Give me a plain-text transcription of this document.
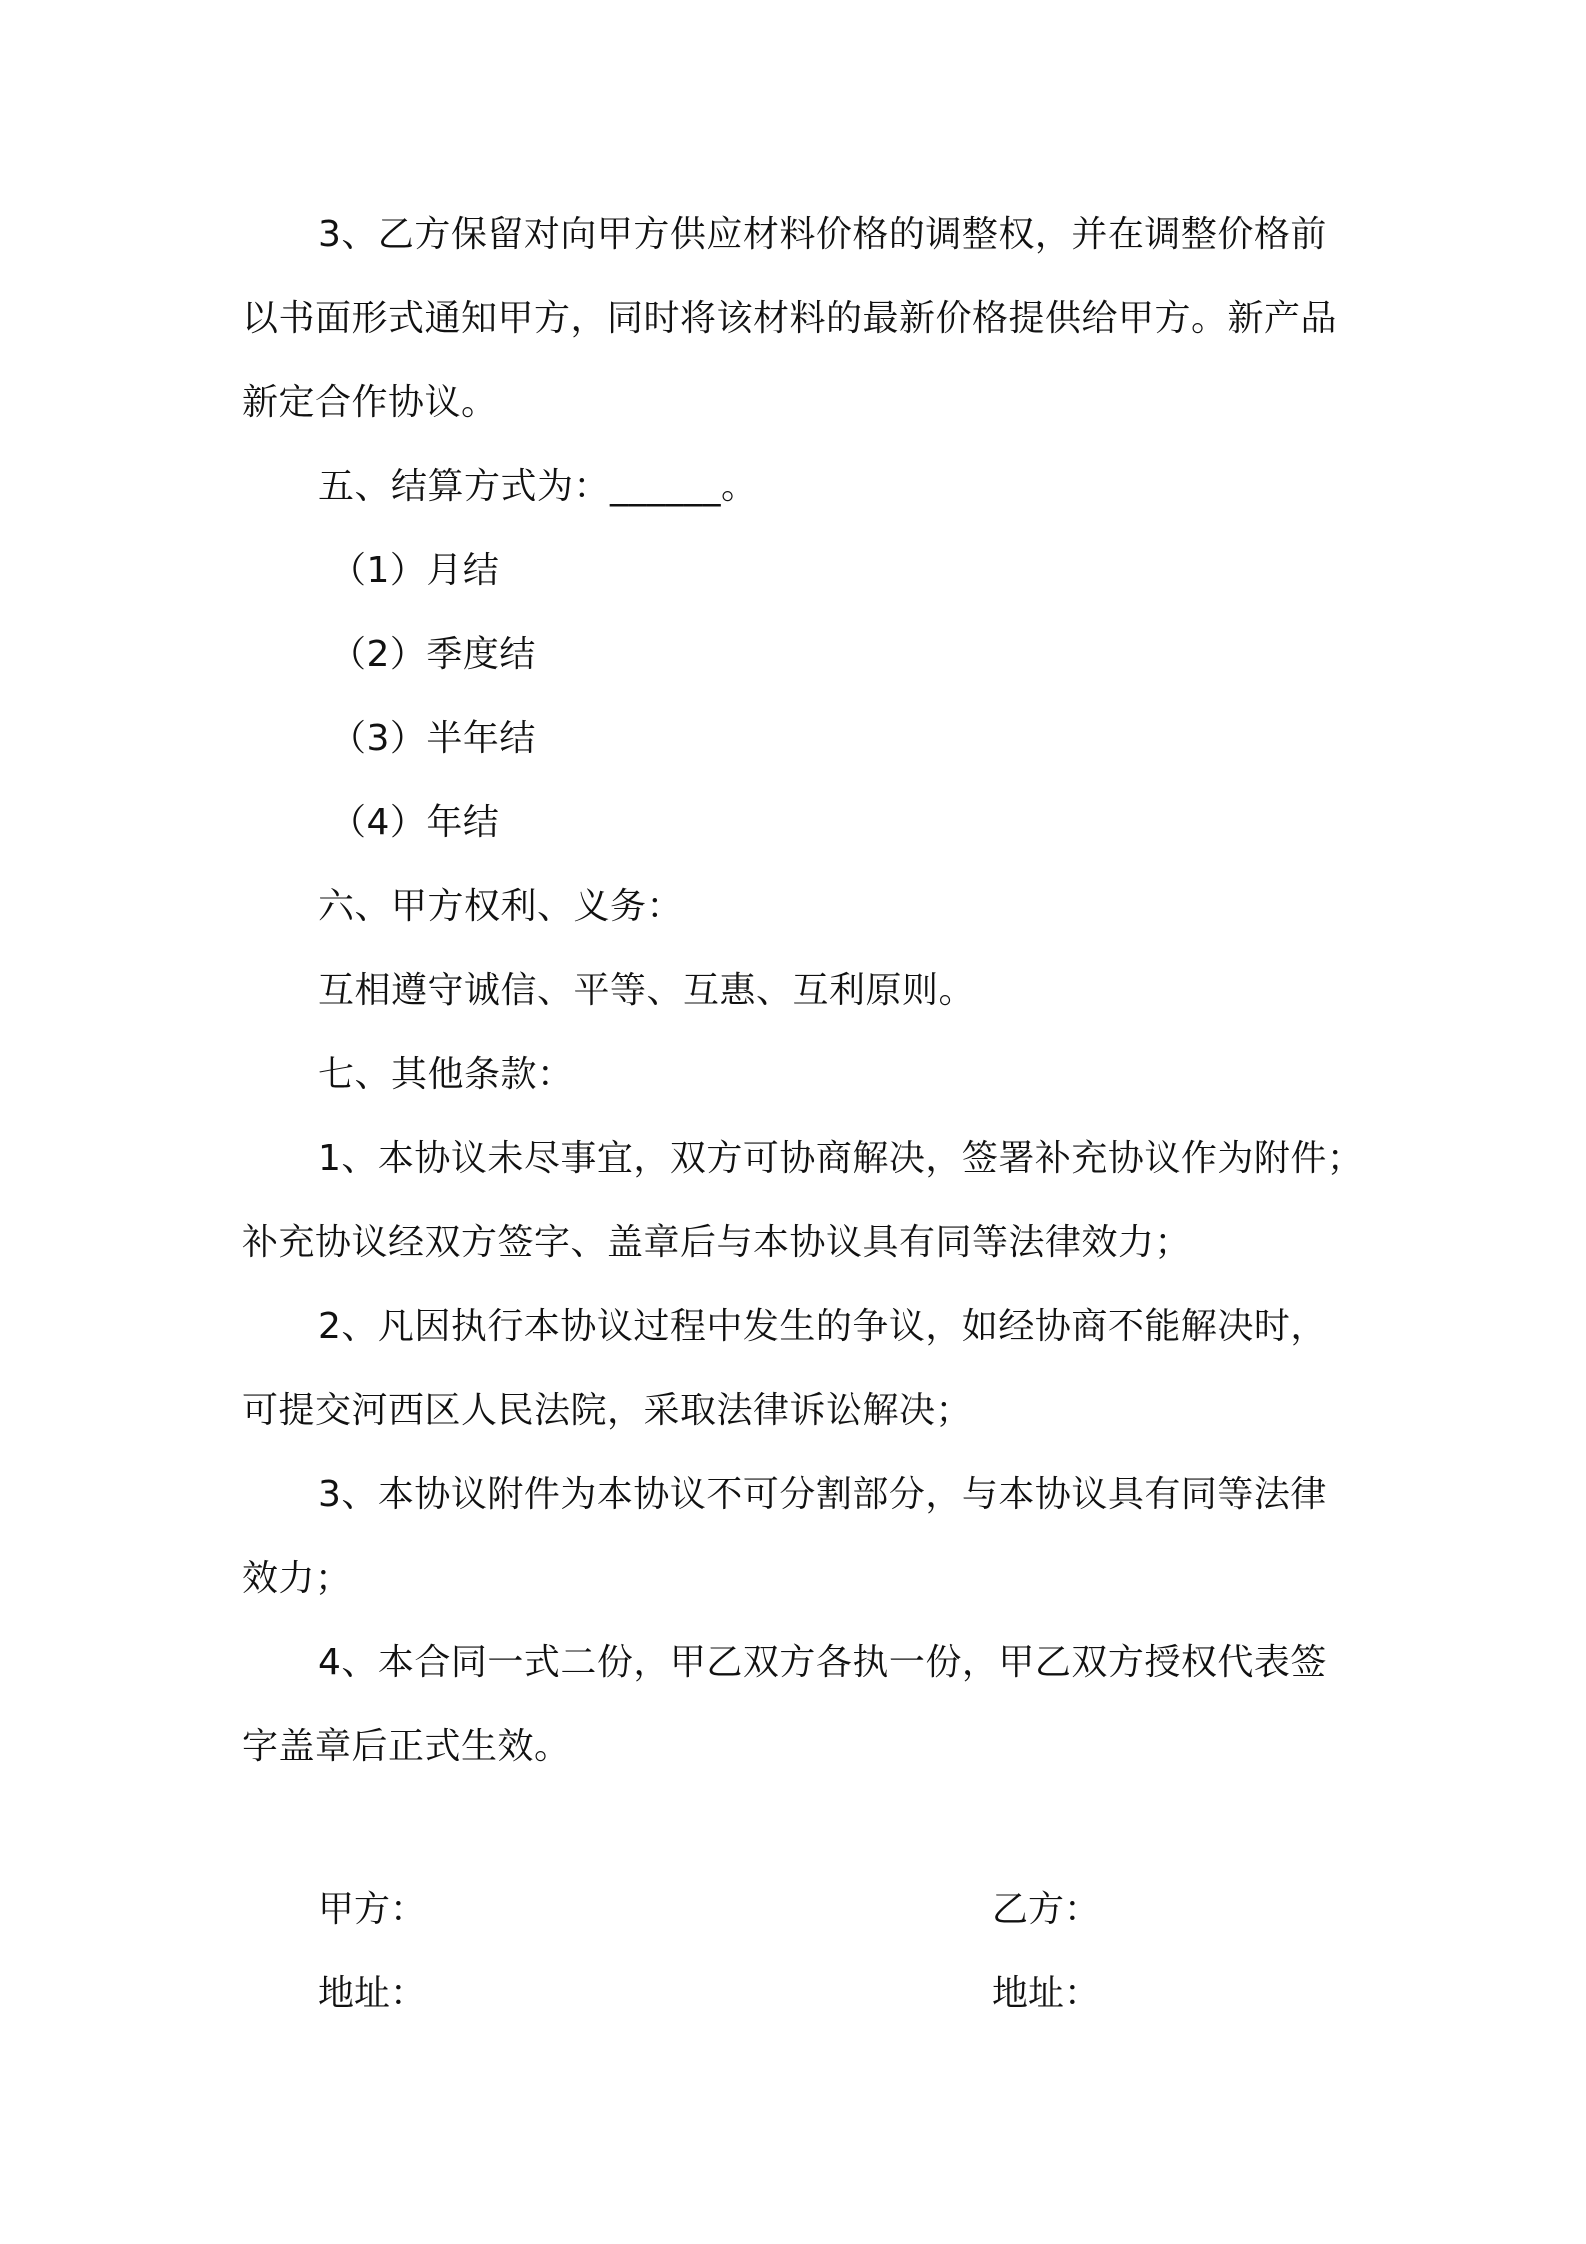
3、乙方保留对向甲方供应材料价格的调整权，并在调整价格前
以书面形式通知甲方，同时将该材料的最新价格提供给甲方。新产品
新定合作协议。
五、结算方式为：______。
（1）月结
（2）季度结
（3）半年结
（4）年结
六、甲方权利、义务：
互相遵守诚信、平等、互惠、互利原则。
七、其他条款：
1、本协议未尽事宜，双方可协商解决，签署补充协议作为附件；
补充协议经双方签字、盖章后与本协议具有同等法律效力；
2、凡因执行本协议过程中发生的争议，如经协商不能解决时，
可提交河西区人民法院，采取法律诉讼解决；
3、本协议附件为本协议不可分割部分，与本协议具有同等法律
效力；
4、本合同一式二份，甲乙双方各执一份，甲乙双方授权代表签
字盖章后正式生效。
甲方：	乙方：
地址：	地址：
